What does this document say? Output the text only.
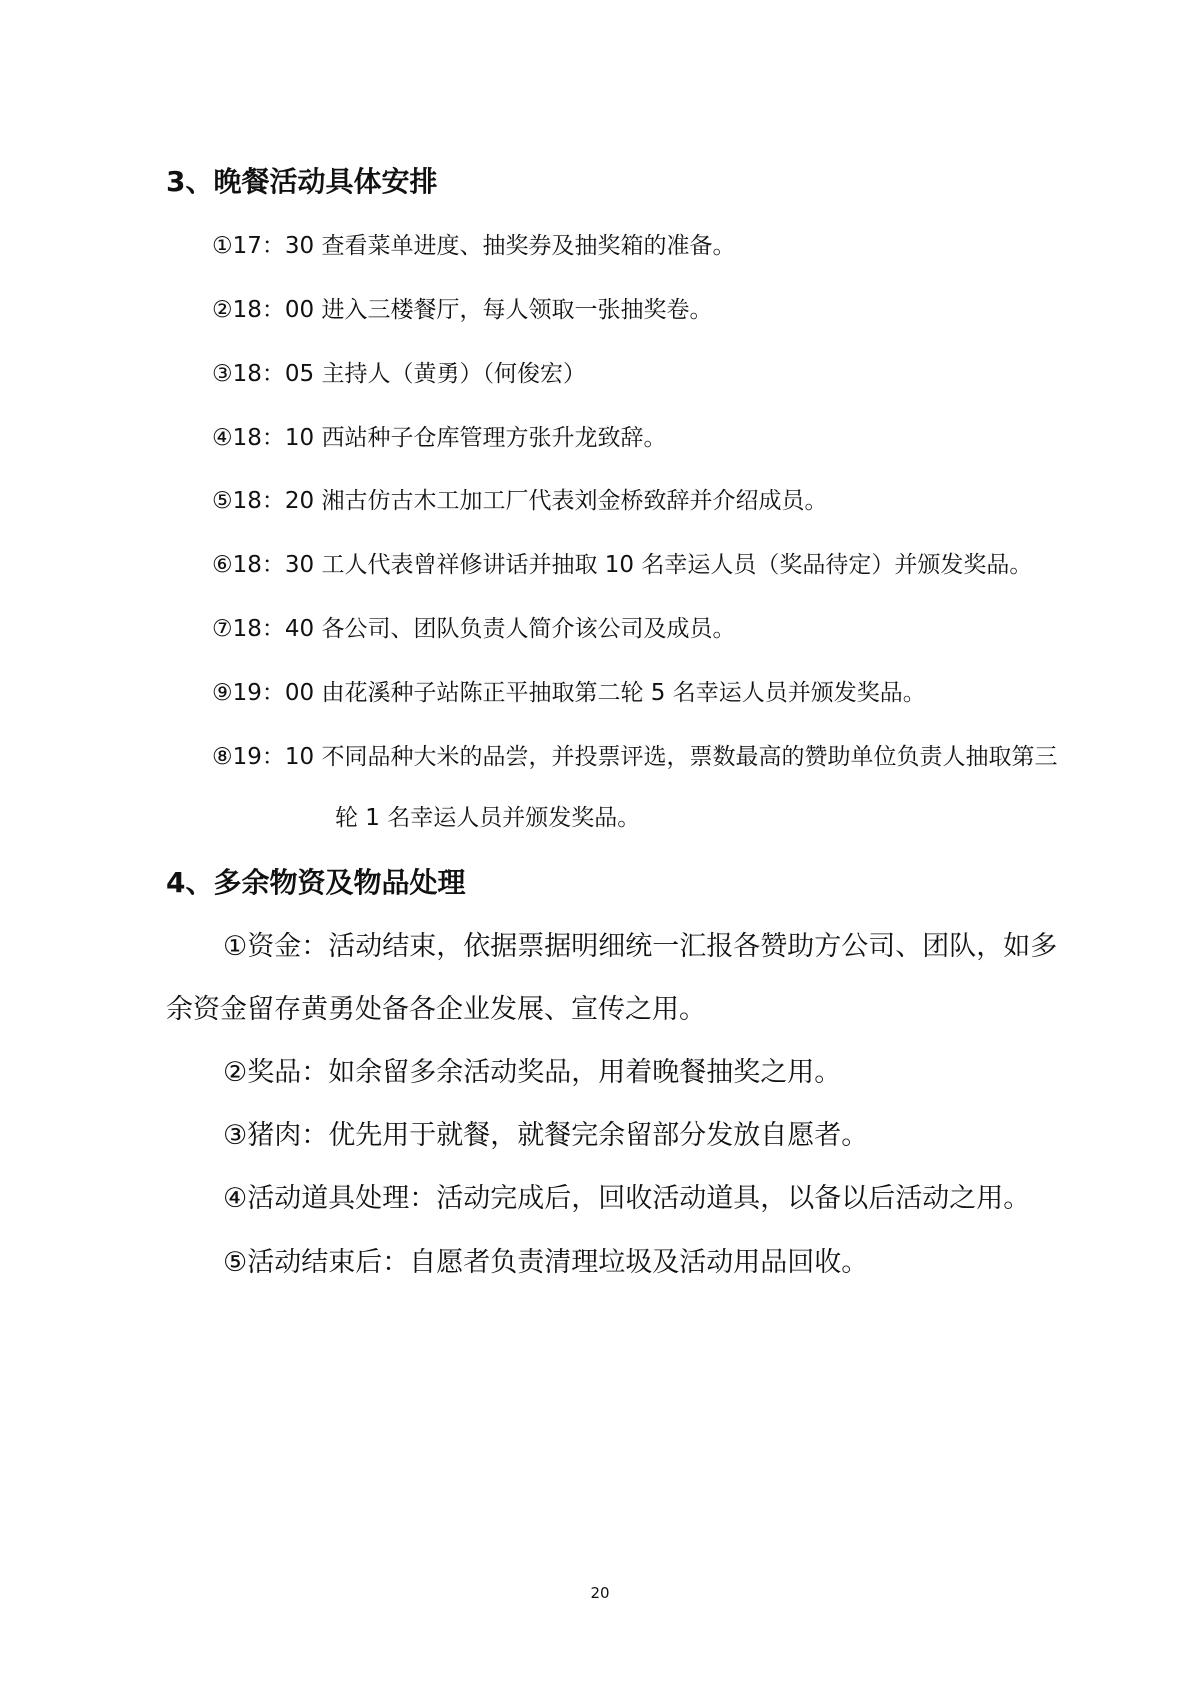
3、晚餐活动具体安排
①17：30 查看菜单进度、抽奖券及抽奖箱的准备。
②18：00 进入三楼餐厅，每人领取一张抽奖卷。
③18：05 主持人（黄勇）（何俊宏）
④18：10 西站种子仓库管理方张升龙致辞。
⑤18：20 湘古仿古木工加工厂代表刘金桥致辞并介绍成员。
⑥18：30 工人代表曾祥修讲话并抽取 10 名幸运人员（奖品待定）并颁发奖品。
⑦18：40 各公司、团队负责人简介该公司及成员。
⑨19：00 由花溪种子站陈正平抽取第二轮 5 名幸运人员并颁发奖品。
⑧19：10 不同品种大米的品尝，并投票评选，票数最高的赞助单位负责人抽取第三
轮 1 名幸运人员并颁发奖品。
4、多余物资及物品处理
①资金：活动结束，依据票据明细统一汇报各赞助方公司、团队，如多
余资金留存黄勇处备各企业发展、宣传之用。
②奖品：如余留多余活动奖品，用着晚餐抽奖之用。
③猪肉：优先用于就餐，就餐完余留部分发放自愿者。
④活动道具处理：活动完成后，回收活动道具，以备以后活动之用。
⑤活动结束后：自愿者负责清理垃圾及活动用品回收。
20
